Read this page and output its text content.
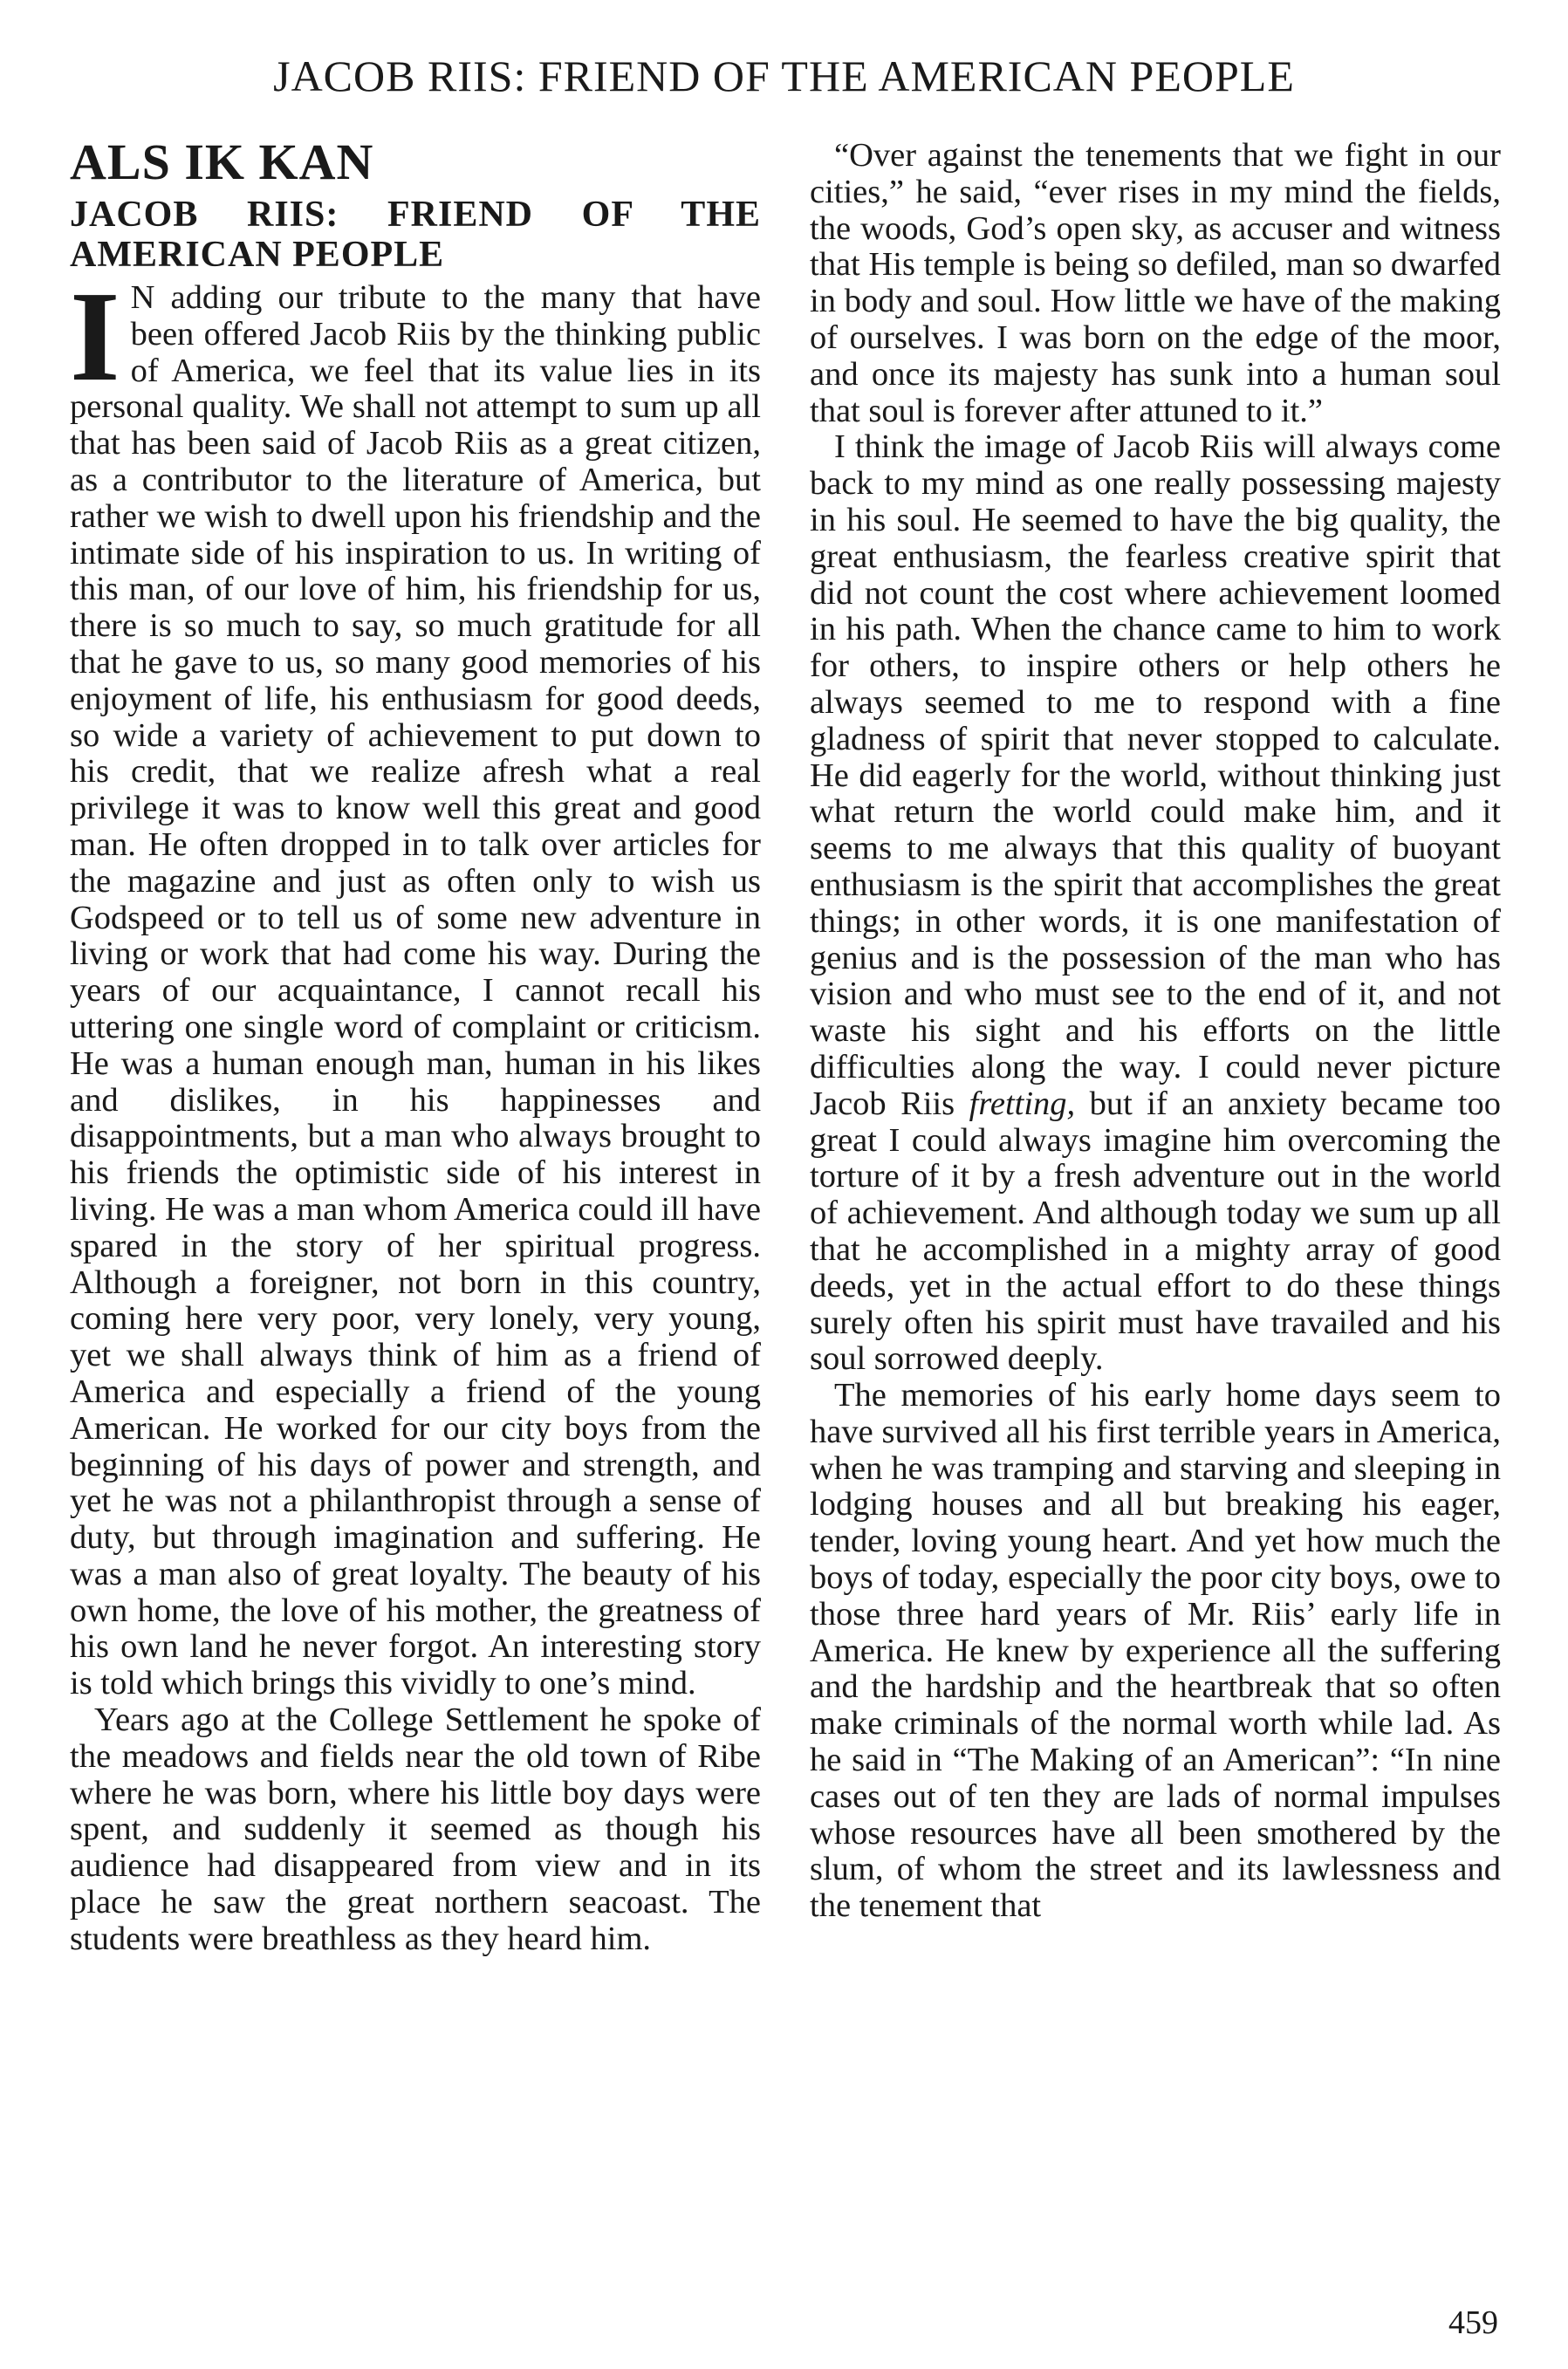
JACOB RIIS: FRIEND OF THE AMERICAN PEOPLE
ALS IK KAN
JACOB RIIS: FRIEND OF THE AMERICAN PEOPLE

I N adding our tribute to the many that have been offered Jacob Riis by the thinking public of America, we feel that its value lies in its personal quality. We shall not attempt to sum up all that has been said of Jacob Riis as a great citizen, as a contributor to the literature of America, but rather we wish to dwell upon his friendship and the intimate side of his inspiration to us. In writing of this man, of our love of him, his friendship for us, there is so much to say, so much gratitude for all that he gave to us, so many good memories of his enjoyment of life, his enthusiasm for good deeds, so wide a variety of achievement to put down to his credit, that we realize afresh what a real privilege it was to know well this great and good man. He often dropped in to talk over articles for the magazine and just as often only to wish us Godspeed or to tell us of some new adventure in living or work that had come his way. During the years of our acquaintance, I cannot recall his uttering one single word of complaint or criticism. He was a human enough man, human in his likes and dislikes, in his happinesses and disappointments, but a man who always brought to his friends the optimistic side of his interest in living. He was a man whom America could ill have spared in the story of her spiritual progress. Although a foreigner, not born in this country, coming here very poor, very lonely, very young, yet we shall always think of him as a friend of America and especially a friend of the young American. He worked for our city boys from the beginning of his days of power and strength, and yet he was not a philanthropist through a sense of duty, but through imagination and suffering. He was a man also of great loyalty. The beauty of his own home, the love of his mother, the greatness of his own land he never forgot. An interesting story is told which brings this vividly to one’s mind.

Years ago at the College Settlement he spoke of the meadows and fields near the old town of Ribe where he was born, where his little boy days were spent, and suddenly it seemed as though his audience had disappeared from view and in its place he saw the great northern seacoast. The students were breathless as they heard him.

“Over against the tenements that we fight in our cities,” he said, “ever rises in my mind the fields, the woods, God’s open sky, as accuser and witness that His temple is being so defiled, man so dwarfed in body and soul. How little we have of the making of ourselves. I was born on the edge of the moor, and once its majesty has sunk into a human soul that soul is forever after attuned to it.”

I think the image of Jacob Riis will always come back to my mind as one really possessing majesty in his soul. He seemed to have the big quality, the great enthusiasm, the fearless creative spirit that did not count the cost where achievement loomed in his path. When the chance came to him to work for others, to inspire others or help others he always seemed to me to respond with a fine gladness of spirit that never stopped to calculate. He did eagerly for the world, without thinking just what return the world could make him, and it seems to me always that this quality of buoyant enthusiasm is the spirit that accomplishes the great things; in other words, it is one manifestation of genius and is the possession of the man who has vision and who must see to the end of it, and not waste his sight and his efforts on the little difficulties along the way. I could never picture Jacob Riis fretting, but if an anxiety became too great I could always imagine him overcoming the torture of it by a fresh adventure out in the world of achievement. And although today we sum up all that he accomplished in a mighty array of good deeds, yet in the actual effort to do these things surely often his spirit must have travailed and his soul sorrowed deeply.

The memories of his early home days seem to have survived all his first terrible years in America, when he was tramping and starving and sleeping in lodging houses and all but breaking his eager, tender, loving young heart. And yet how much the boys of today, especially the poor city boys, owe to those three hard years of Mr. Riis’ early life in America. He knew by experience all the suffering and the hardship and the heartbreak that so often make criminals of the normal worth while lad. As he said in “The Making of an American”: “In nine cases out of ten they are lads of normal impulses whose resources have all been smothered by the slum, of whom the street and its lawlessness and the tenement that

459
